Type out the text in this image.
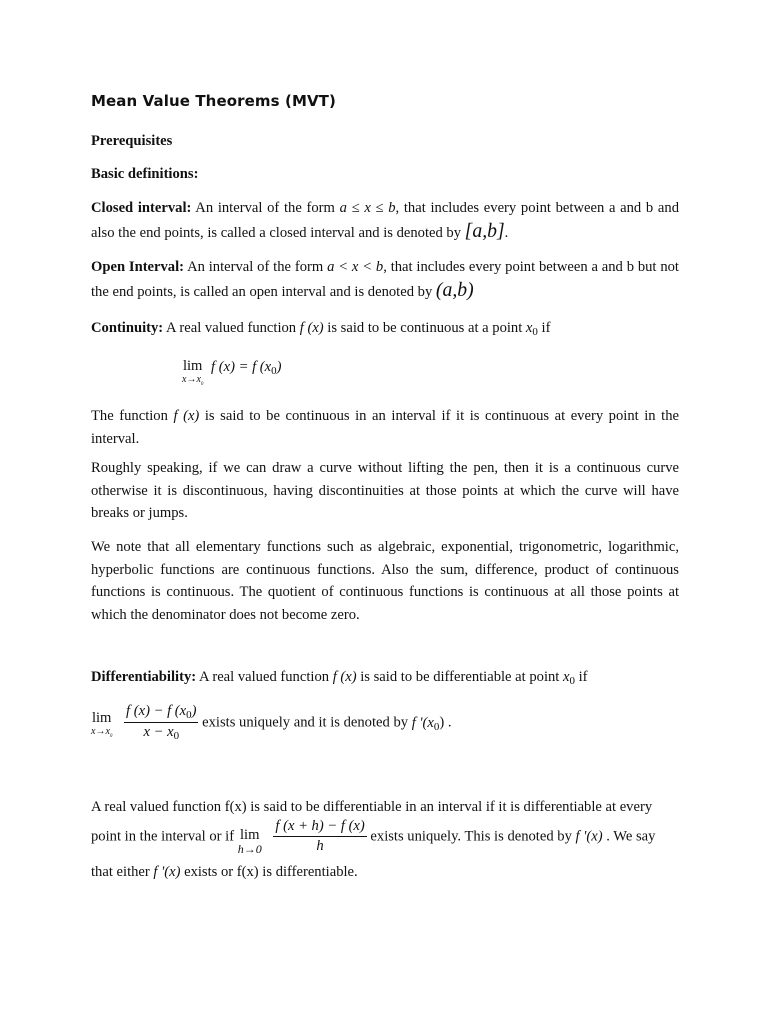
Mean Value Theorems (MVT)

Prerequisites

Basic definitions:

Closed interval: An interval of the form a ≤ x ≤ b, that includes every point between a and b and also the end points, is called a closed interval and is denoted by [a,b].

Open Interval: An interval of the form a < x < b, that includes every point between a and b but not the end points, is called an open interval and is denoted by (a,b)

Continuity: A real valued function f (x) is said to be continuous at a point $x_0$ if

lim
$x\to x_0$
f (x) = f $(x_0)$

The function f (x) is said to be continuous in an interval if it is continuous at every point in the interval.

Roughly speaking, if we can draw a curve without lifting the pen, then it is a continuous curve otherwise it is discontinuous, having discontinuities at those points at which the curve will have breaks or jumps.

We note that all elementary functions such as algebraic, exponential, trigonometric, logarithmic, hyperbolic functions are continuous functions. Also the sum, difference, product of continuous functions is continuous. The quotient of continuous functions is continuous at all those points at which the denominator does not become zero.

Differentiability: A real valued function f (x) is said to be differentiable at point $x_0$ if

lim
$x\to x_0$
$\frac{f (x) - f (x_0)}{x - x_0}$ exists uniquely and it is denoted by f '$(x_0)$ .

A real valued function f(x) is said to be differentiable in an interval if it is differentiable at every

point in the interval or if lim
h→0
$\frac{f (x + h) - f (x)}{h}$ exists uniquely. This is denoted by f '(x) . We say

that either f '(x) exists or f(x) is differentiable.
